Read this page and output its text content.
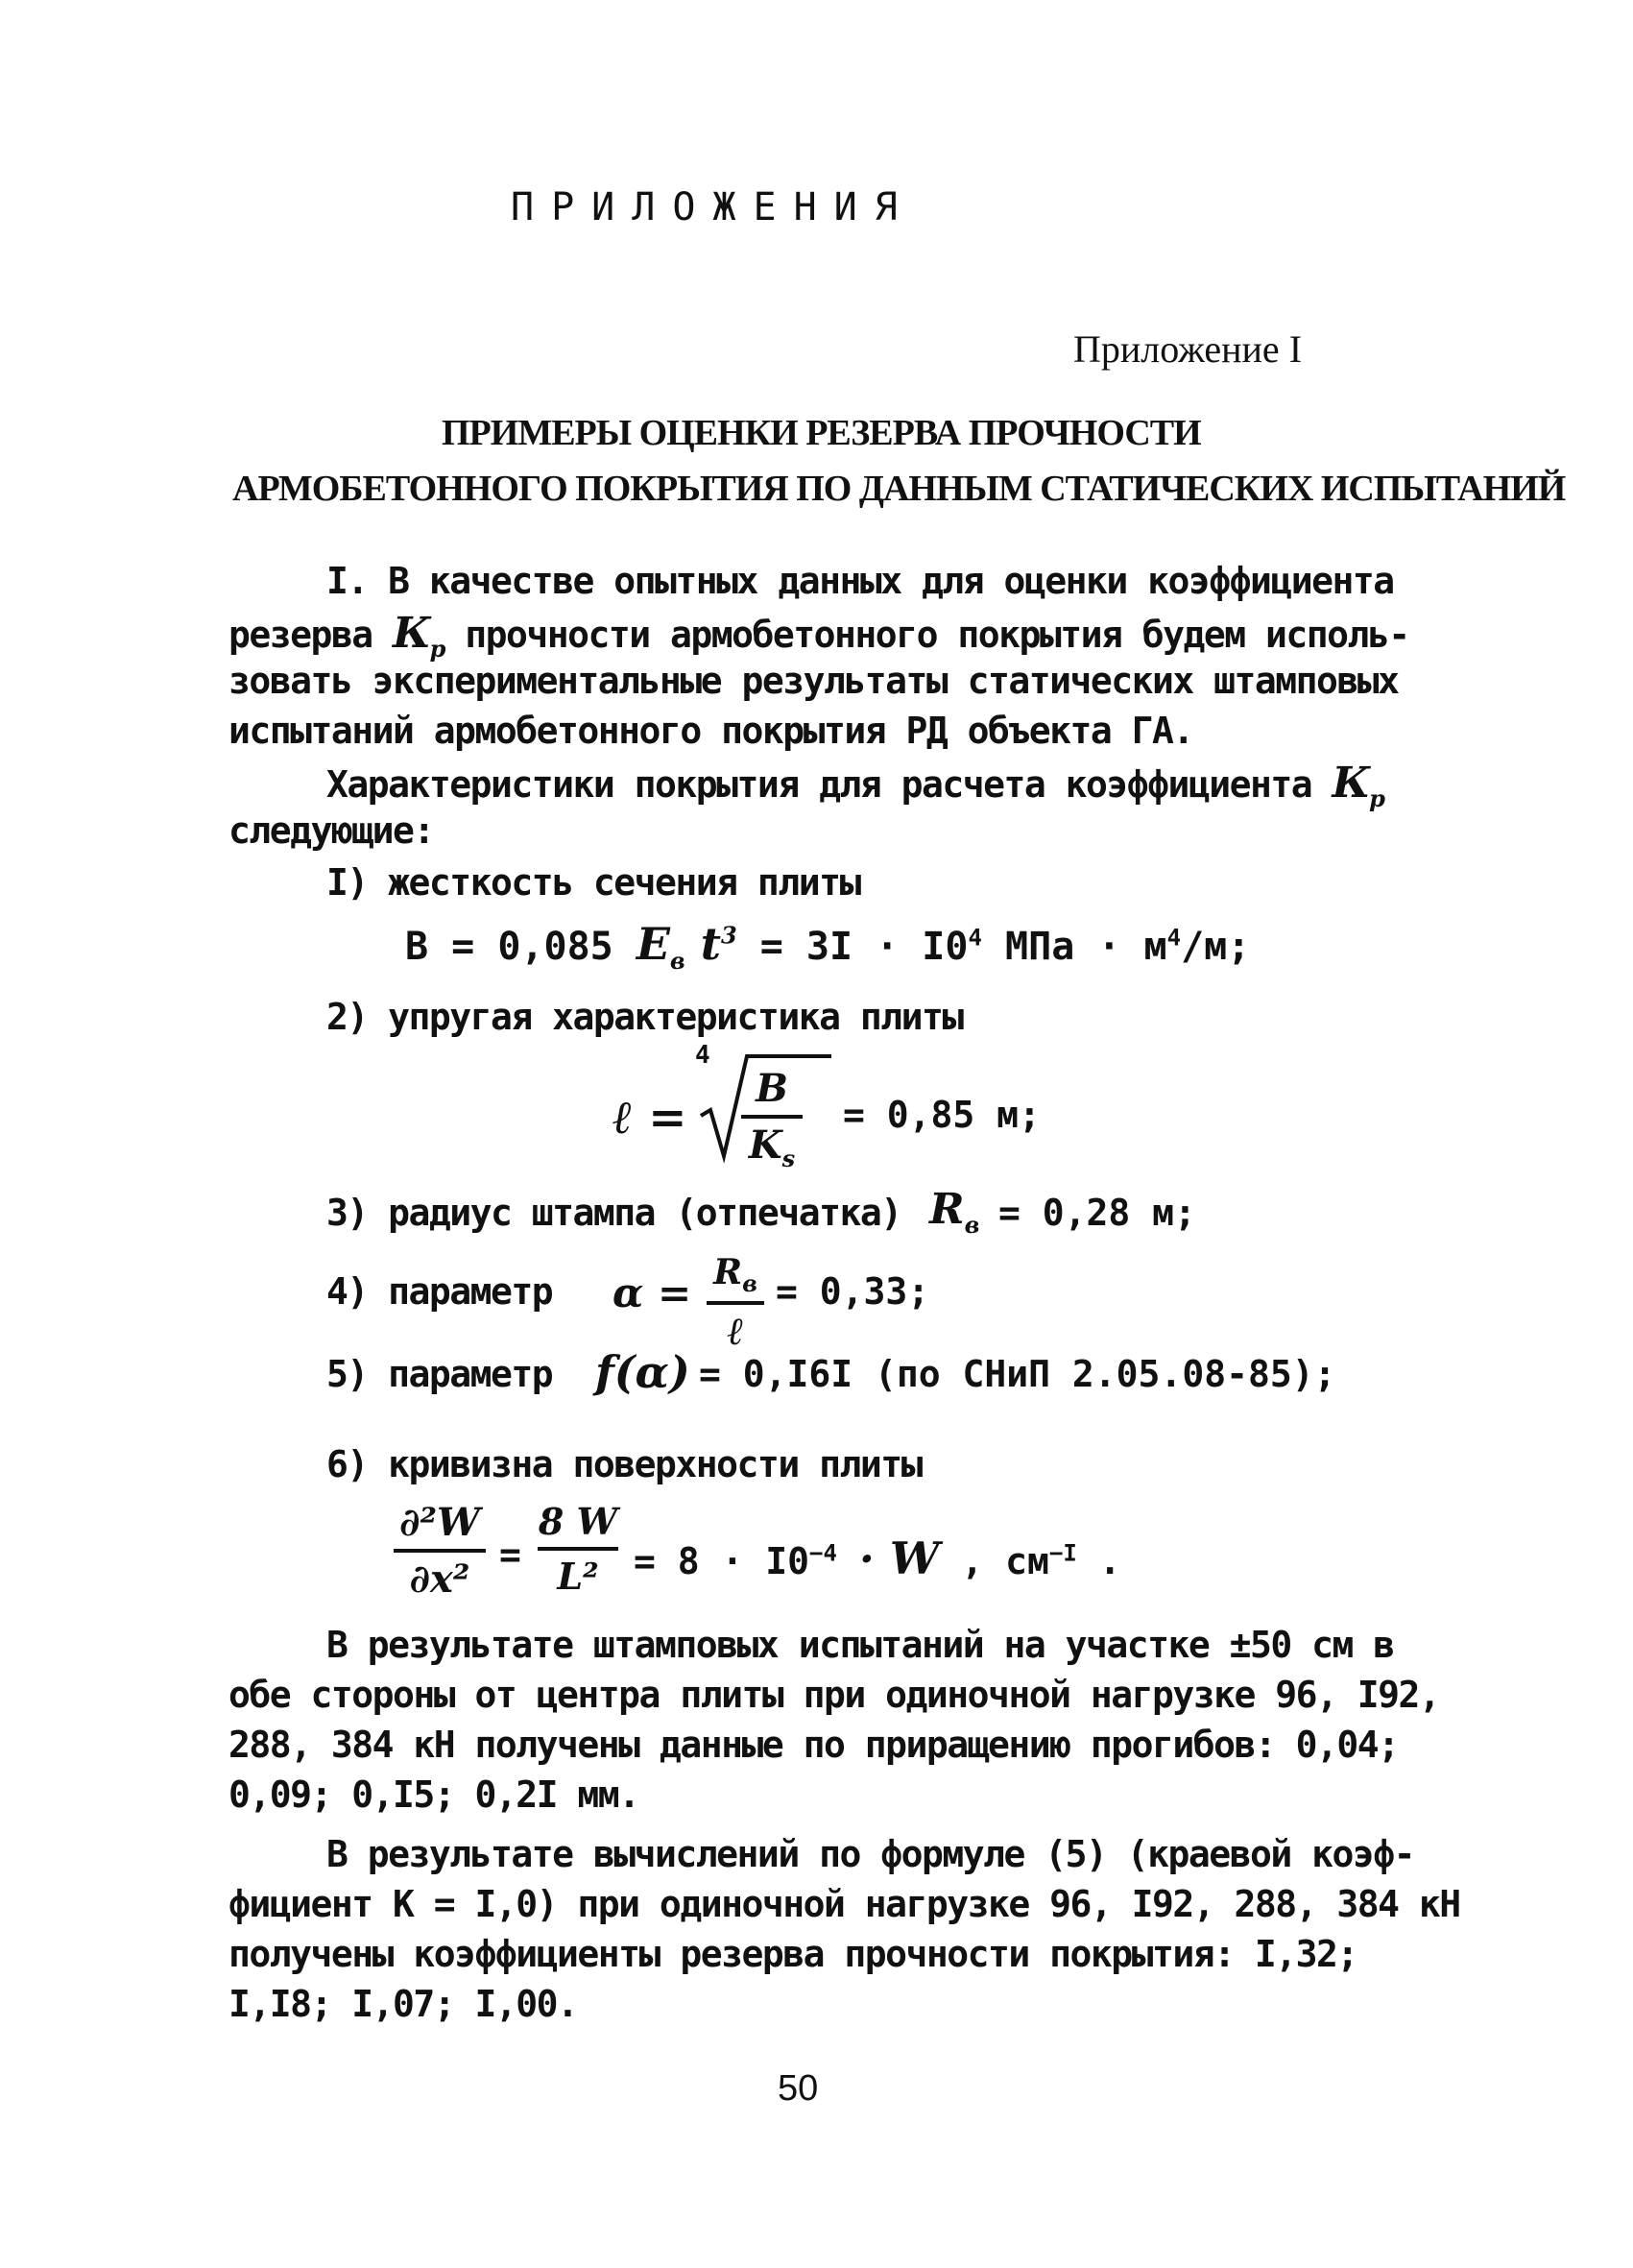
ПРИЛОЖЕНИЯ
Приложение I
ПРИМЕРЫ ОЦЕНКИ РЕЗЕРВА ПРОЧНОСТИ
АРМОБЕТОННОГО ПОКРЫТИЯ ПО ДАННЫМ СТАТИЧЕСКИХ ИСПЫТАНИЙ
I. В качестве опытных данных для оценки коэффициента
резерва $К_р$ прочности армобетонного покрытия будем исполь-
зовать экспериментальные результаты статических штамповых
испытаний армобетонного покрытия РД объекта ГА.
Характеристики покрытия для расчета коэффициента $К_р$
следующие:
I) жесткость сечения плиты
В = 0,085 $E_в$ $t^3 = 3I \cdot I0^4$ МПа · $м^4/м$;
2) упругая характеристика плиты
ℓ =
4
B
$K_s$
= 0,85 м;
3) радиус штампа (отпечатка) $R_в = 0,28$ м;
4) параметр $\alpha = R_в$
ℓ
= 0,33;
5) параметр f(α) = 0,I6I (по СНиП 2.05.08-85);
6) кривизна поверхности плиты
∂²W
∂x²
=
8 W
$L^2 = 8 \cdot I0^{-4} \cdot W$ , $см^{-I}$ .
В результате штамповых испытаний на участке ±50 см в
обе стороны от центра плиты при одиночной нагрузке 96, I92,
288, 384 кН получены данные по приращению прогибов: 0,04;
0,09; 0,I5; 0,2I мм.
В результате вычислений по формуле (5) (краевой коэф-
фициент К = I,0) при одиночной нагрузке 96, I92, 288, 384 кН
получены коэффициенты резерва прочности покрытия: I,32;
I,I8; I,07; I,00.
50
